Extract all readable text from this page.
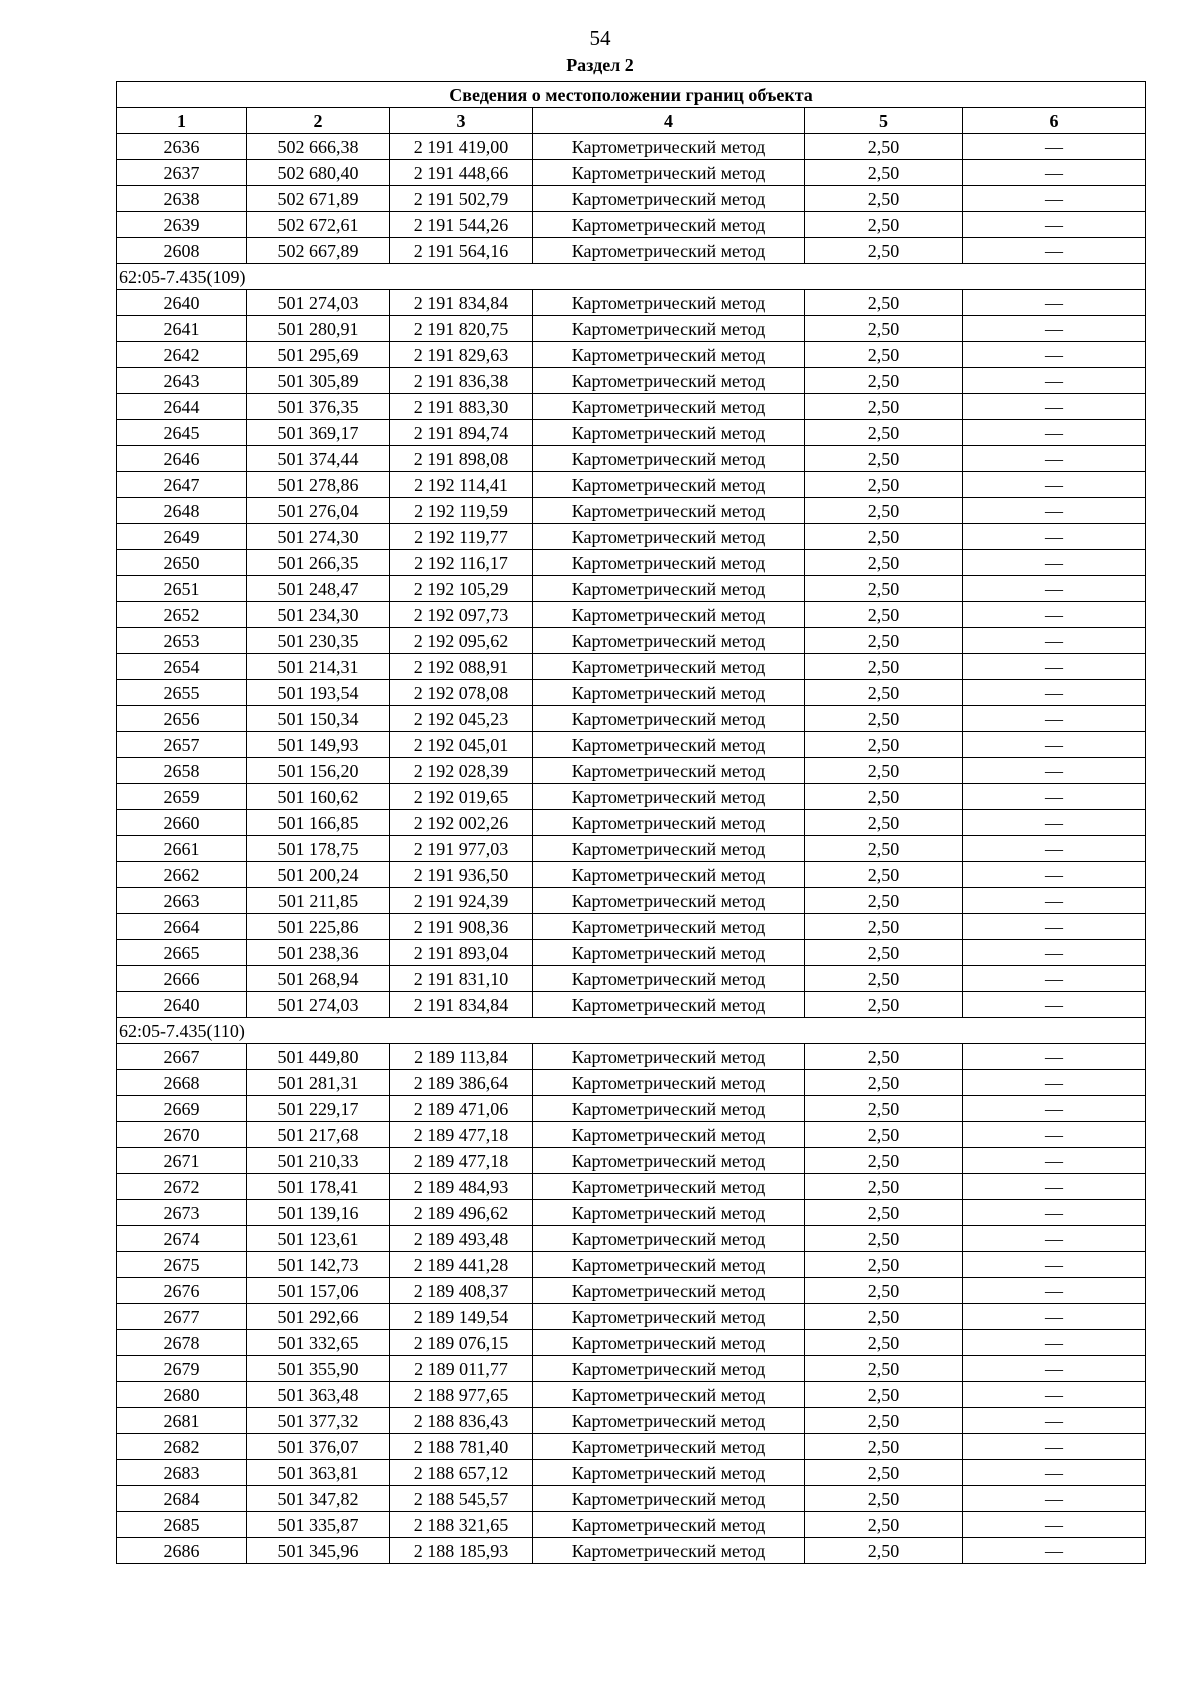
54
Раздел 2
Сведения о местоположении границ объекта					
1	2	3	4	5	6
2636	502 666,38	2 191 419,00	Картометрический метод	2,50	—
2637	502 680,40	2 191 448,66	Картометрический метод	2,50	—
2638	502 671,89	2 191 502,79	Картометрический метод	2,50	—
2639	502 672,61	2 191 544,26	Картометрический метод	2,50	—
2608	502 667,89	2 191 564,16	Картометрический метод	2,50	—
62:05-7.435(109)					
2640	501 274,03	2 191 834,84	Картометрический метод	2,50	—
2641	501 280,91	2 191 820,75	Картометрический метод	2,50	—
2642	501 295,69	2 191 829,63	Картометрический метод	2,50	—
2643	501 305,89	2 191 836,38	Картометрический метод	2,50	—
2644	501 376,35	2 191 883,30	Картометрический метод	2,50	—
2645	501 369,17	2 191 894,74	Картометрический метод	2,50	—
2646	501 374,44	2 191 898,08	Картометрический метод	2,50	—
2647	501 278,86	2 192 114,41	Картометрический метод	2,50	—
2648	501 276,04	2 192 119,59	Картометрический метод	2,50	—
2649	501 274,30	2 192 119,77	Картометрический метод	2,50	—
2650	501 266,35	2 192 116,17	Картометрический метод	2,50	—
2651	501 248,47	2 192 105,29	Картометрический метод	2,50	—
2652	501 234,30	2 192 097,73	Картометрический метод	2,50	—
2653	501 230,35	2 192 095,62	Картометрический метод	2,50	—
2654	501 214,31	2 192 088,91	Картометрический метод	2,50	—
2655	501 193,54	2 192 078,08	Картометрический метод	2,50	—
2656	501 150,34	2 192 045,23	Картометрический метод	2,50	—
2657	501 149,93	2 192 045,01	Картометрический метод	2,50	—
2658	501 156,20	2 192 028,39	Картометрический метод	2,50	—
2659	501 160,62	2 192 019,65	Картометрический метод	2,50	—
2660	501 166,85	2 192 002,26	Картометрический метод	2,50	—
2661	501 178,75	2 191 977,03	Картометрический метод	2,50	—
2662	501 200,24	2 191 936,50	Картометрический метод	2,50	—
2663	501 211,85	2 191 924,39	Картометрический метод	2,50	—
2664	501 225,86	2 191 908,36	Картометрический метод	2,50	—
2665	501 238,36	2 191 893,04	Картометрический метод	2,50	—
2666	501 268,94	2 191 831,10	Картометрический метод	2,50	—
2640	501 274,03	2 191 834,84	Картометрический метод	2,50	—
62:05-7.435(110)					
2667	501 449,80	2 189 113,84	Картометрический метод	2,50	—
2668	501 281,31	2 189 386,64	Картометрический метод	2,50	—
2669	501 229,17	2 189 471,06	Картометрический метод	2,50	—
2670	501 217,68	2 189 477,18	Картометрический метод	2,50	—
2671	501 210,33	2 189 477,18	Картометрический метод	2,50	—
2672	501 178,41	2 189 484,93	Картометрический метод	2,50	—
2673	501 139,16	2 189 496,62	Картометрический метод	2,50	—
2674	501 123,61	2 189 493,48	Картометрический метод	2,50	—
2675	501 142,73	2 189 441,28	Картометрический метод	2,50	—
2676	501 157,06	2 189 408,37	Картометрический метод	2,50	—
2677	501 292,66	2 189 149,54	Картометрический метод	2,50	—
2678	501 332,65	2 189 076,15	Картометрический метод	2,50	—
2679	501 355,90	2 189 011,77	Картометрический метод	2,50	—
2680	501 363,48	2 188 977,65	Картометрический метод	2,50	—
2681	501 377,32	2 188 836,43	Картометрический метод	2,50	—
2682	501 376,07	2 188 781,40	Картометрический метод	2,50	—
2683	501 363,81	2 188 657,12	Картометрический метод	2,50	—
2684	501 347,82	2 188 545,57	Картометрический метод	2,50	—
2685	501 335,87	2 188 321,65	Картометрический метод	2,50	—
2686	501 345,96	2 188 185,93	Картометрический метод	2,50	—
